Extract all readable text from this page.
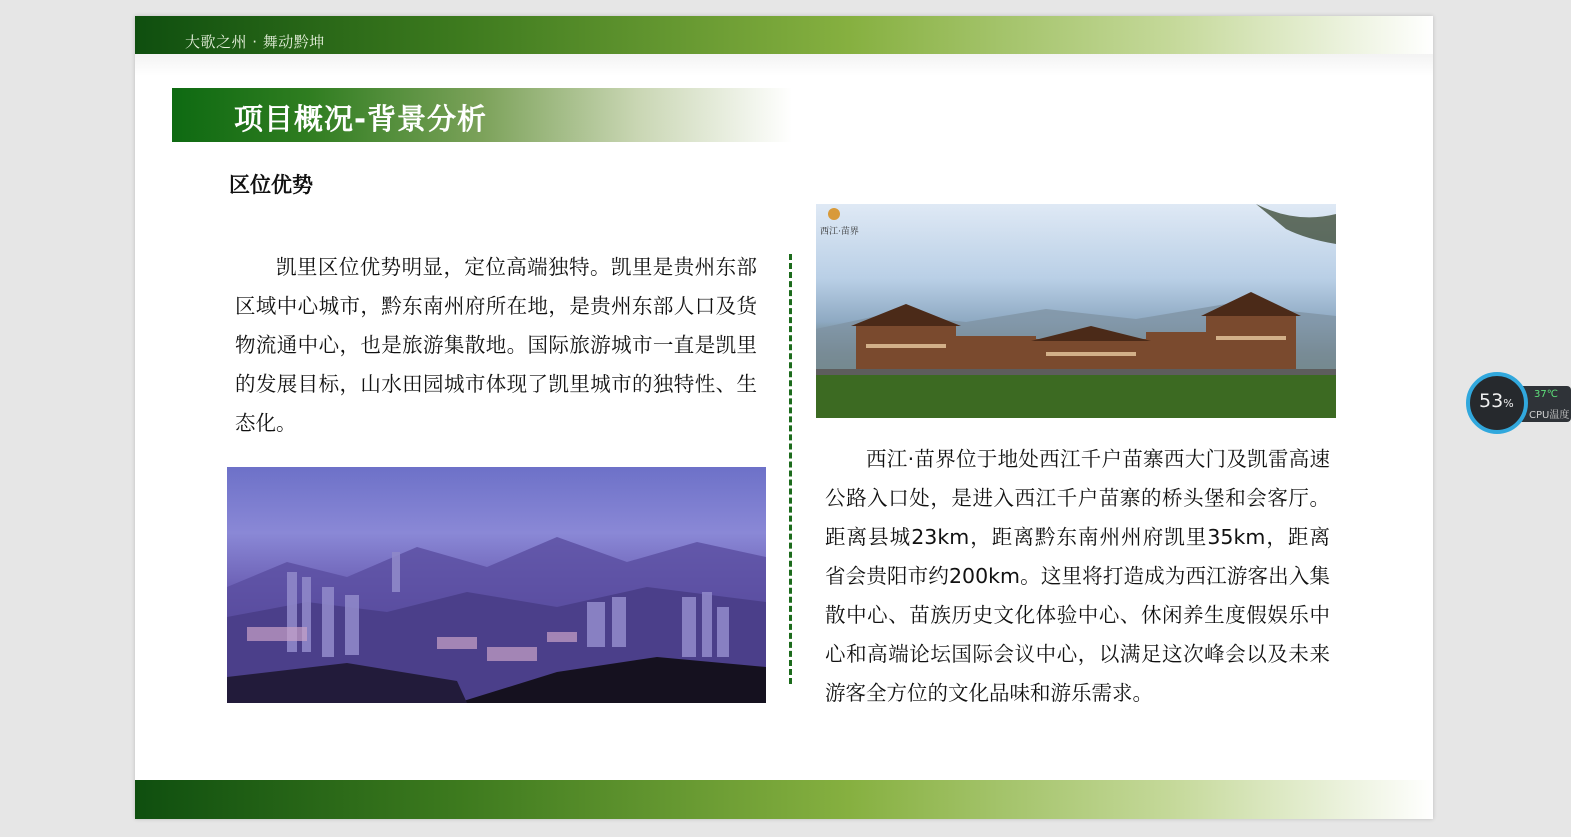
大歌之州 · 舞动黔坤
项目概况-背景分析
区位优势
凯里区位优势明显，定位高端独特。凯里是贵州东部区域中心城市，黔东南州府所在地，是贵州东部人口及货物流通中心，也是旅游集散地。国际旅游城市一直是凯里的发展目标，山水田园城市体现了凯里城市的独特性、生态化。
西江·苗界
西江·苗界位于地处西江千户苗寨西大门及凯雷高速公路入口处，是进入西江千户苗寨的桥头堡和会客厅。距离县城23km，距离黔东南州州府凯里35km，距离省会贵阳市约200km。这里将打造成为西江游客出入集散中心、苗族历史文化体验中心、休闲养生度假娱乐中心和高端论坛国际会议中心，以满足这次峰会以及未来游客全方位的文化品味和游乐需求。
53%
37℃
CPU温度
